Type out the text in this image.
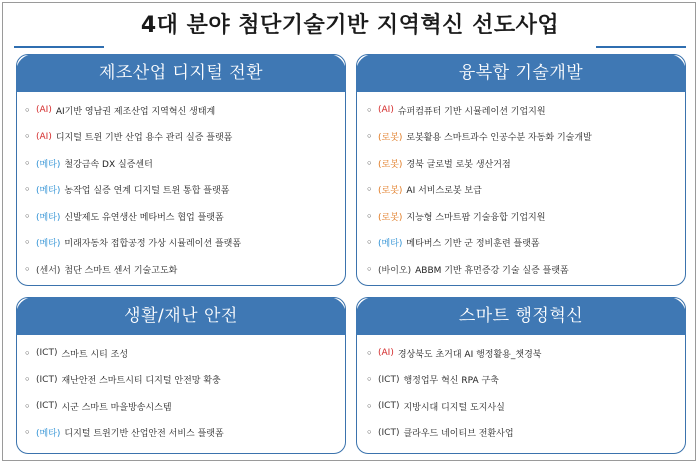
4대 분야 첨단기술기반 지역혁신 선도사업
제조산업 디지털 전환
◦ (AI) AI기반 영남권 제조산업 지역혁신 생태계
◦ (AI) 디지털 트윈 기반 산업 용수 관리 실증 플랫폼
◦ (메타) 철강금속 DX 실증센터
◦ (메타) 농작업 실증 연계 디지털 트윈 통합 플랫폼
◦ (메타) 신발제도 유연생산 메타버스 협업 플랫폼
◦ (메타) 미래자동차 접합공정 가상 시뮬레이션 플랫폼
◦ (센서) 첨단 스마트 센서 기술고도화
융복합 기술개발
◦ (AI) 슈퍼컴퓨터 기반 시뮬레이션 기업지원
◦ (로봇) 로봇활용 스마트과수 인공수분 자동화 기술개발
◦ (로봇) 경북 글로벌 로봇 생산거점
◦ (로봇) AI 서비스로봇 보급
◦ (로봇) 지능형 스마트팜 기술융합 기업지원
◦ (메타) 메타버스 기반 군 정비훈련 플랫폼
◦ (바이오) ABBM 기반 휴먼증강 기술 실증 플랫폼
생활/재난 안전
◦ (ICT) 스마트 시티 조성
◦ (ICT) 재난안전 스마트시티 디지털 안전망 확충
◦ (ICT) 시군 스마트 마을방송시스템
◦ (메타) 디지털 트윈기반 산업안전 서비스 플랫폼
스마트 행정혁신
◦ (AI) 경상북도 초거대 AI 행정활용_챗경북
◦ (ICT) 행정업무 혁신 RPA 구축
◦ (ICT) 지방시대 디지털 도지사실
◦ (ICT) 클라우드 네이티브 전환사업
